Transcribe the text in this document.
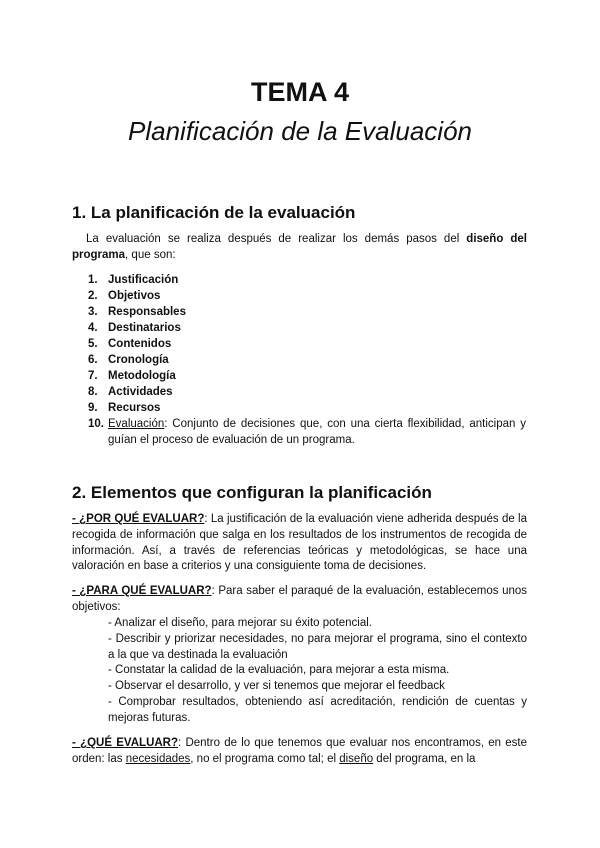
TEMA 4
Planificación de la Evaluación
1. La planificación de la evaluación
La evaluación se realiza después de realizar los demás pasos del diseño del programa, que son:
1. Justificación
2. Objetivos
3. Responsables
4. Destinatarios
5. Contenidos
6. Cronología
7. Metodología
8. Actividades
9. Recursos
10. Evaluación: Conjunto de decisiones que, con una cierta flexibilidad, anticipan y guían el proceso de evaluación de un programa.
2. Elementos que configuran la planificación
- ¿POR QUÉ EVALUAR?: La justificación de la evaluación viene adherida después de la recogida de información que salga en los resultados de los instrumentos de recogida de información. Así, a través de referencias teóricas y metodológicas, se hace una valoración en base a criterios y una consiguiente toma de decisiones.
- ¿PARA QUÉ EVALUAR?: Para saber el paraqué de la evaluación, establecemos unos objetivos:
- Analizar el diseño, para mejorar su éxito potencial.
- Describir y priorizar necesidades, no para mejorar el programa, sino el contexto a la que va destinada la evaluación
- Constatar la calidad de la evaluación, para mejorar a esta misma.
- Observar el desarrollo, y ver si tenemos que mejorar el feedback
- Comprobar resultados, obteniendo así acreditación, rendición de cuentas y mejoras futuras.
- ¿QUÉ EVALUAR?: Dentro de lo que tenemos que evaluar nos encontramos, en este orden: las necesidades, no el programa como tal; el diseño del programa, en la
